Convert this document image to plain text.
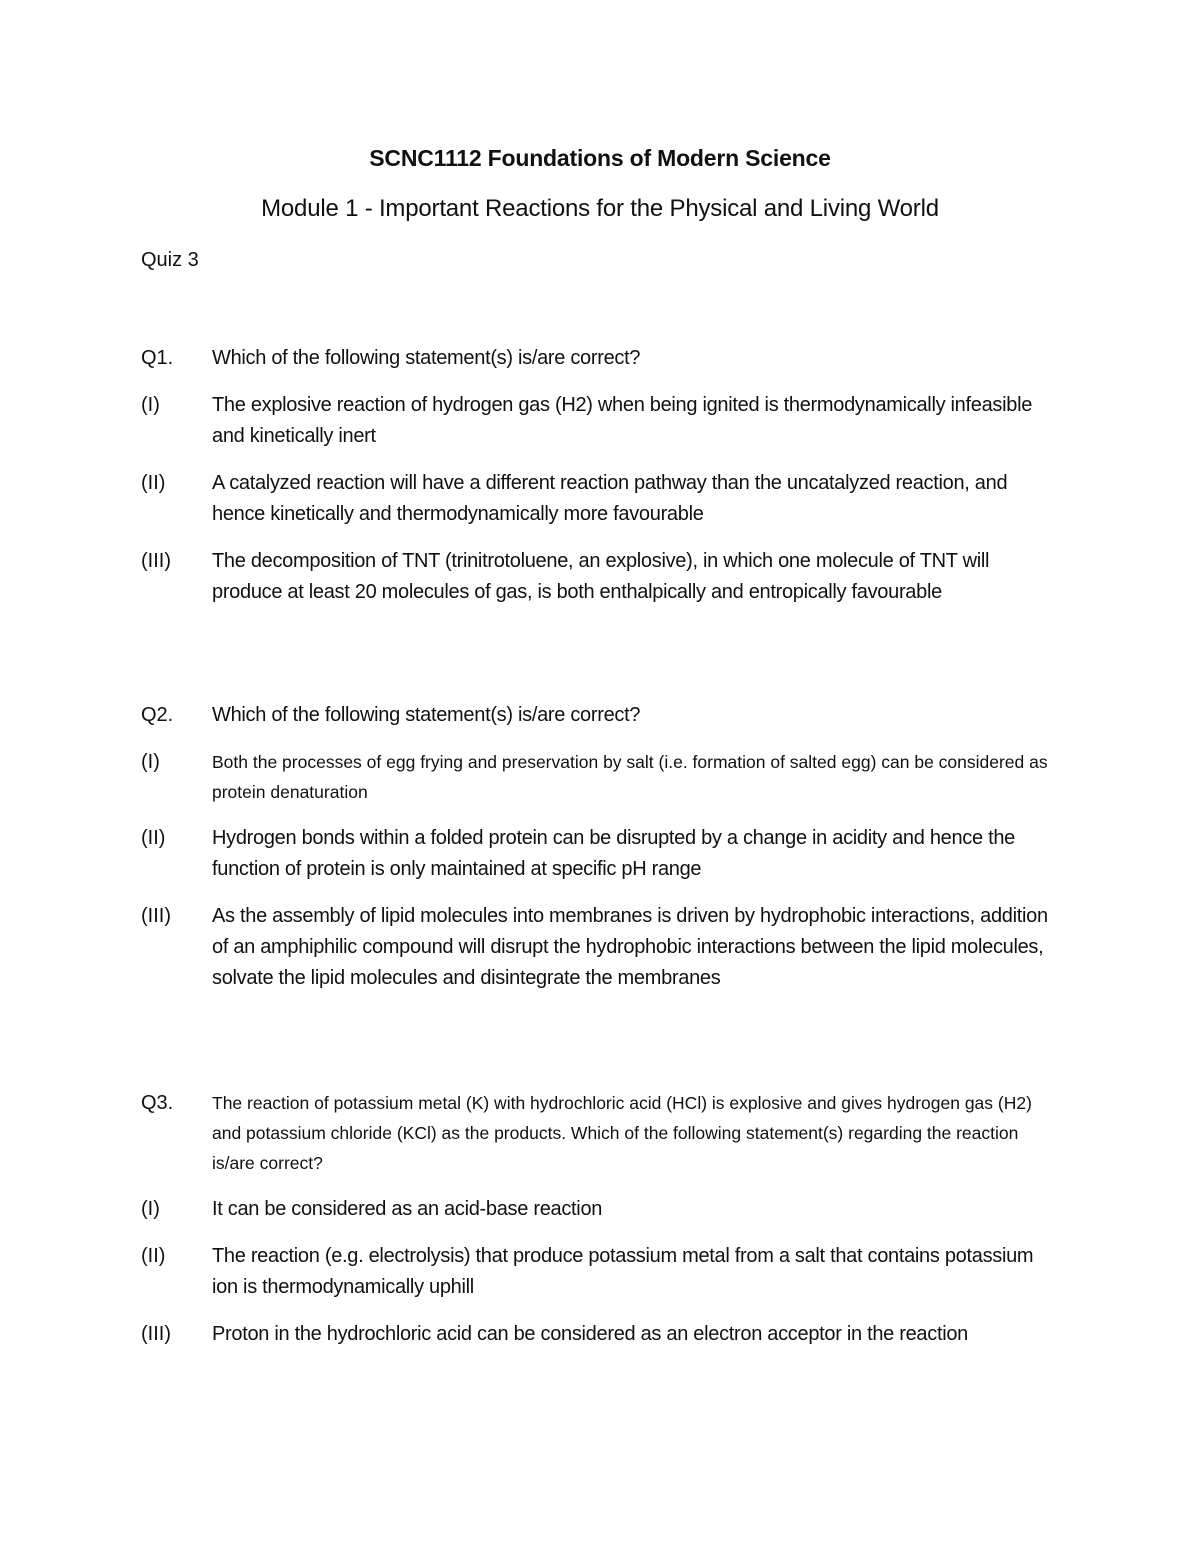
SCNC1112 Foundations of Modern Science
Module 1 - Important Reactions for the Physical and Living World
Quiz 3
Q1.	Which of the following statement(s) is/are correct?
(I)	The explosive reaction of hydrogen gas (H2) when being ignited is thermodynamically infeasible and kinetically inert
(II)	A catalyzed reaction will have a different reaction pathway than the uncatalyzed reaction, and hence kinetically and thermodynamically more favourable
(III)	The decomposition of TNT (trinitrotoluene, an explosive), in which one molecule of TNT will produce at least 20 molecules of gas, is both enthalpically and entropically favourable
Q2.	Which of the following statement(s) is/are correct?
(I)	Both the processes of egg frying and preservation by salt (i.e. formation of salted egg) can be considered as protein denaturation
(II)	Hydrogen bonds within a folded protein can be disrupted by a change in acidity and hence the function of protein is only maintained at specific pH range
(III)	As the assembly of lipid molecules into membranes is driven by hydrophobic interactions, addition of an amphiphilic compound will disrupt the hydrophobic interactions between the lipid molecules, solvate the lipid molecules and disintegrate the membranes
Q3.	The reaction of potassium metal (K) with hydrochloric acid (HCl) is explosive and gives hydrogen gas (H2) and potassium chloride (KCl) as the products. Which of the following statement(s) regarding the reaction is/are correct?
(I)	It can be considered as an acid-base reaction
(II)	The reaction (e.g. electrolysis) that produce potassium metal from a salt that contains potassium ion is thermodynamically uphill
(III)	Proton in the hydrochloric acid can be considered as an electron acceptor in the reaction
